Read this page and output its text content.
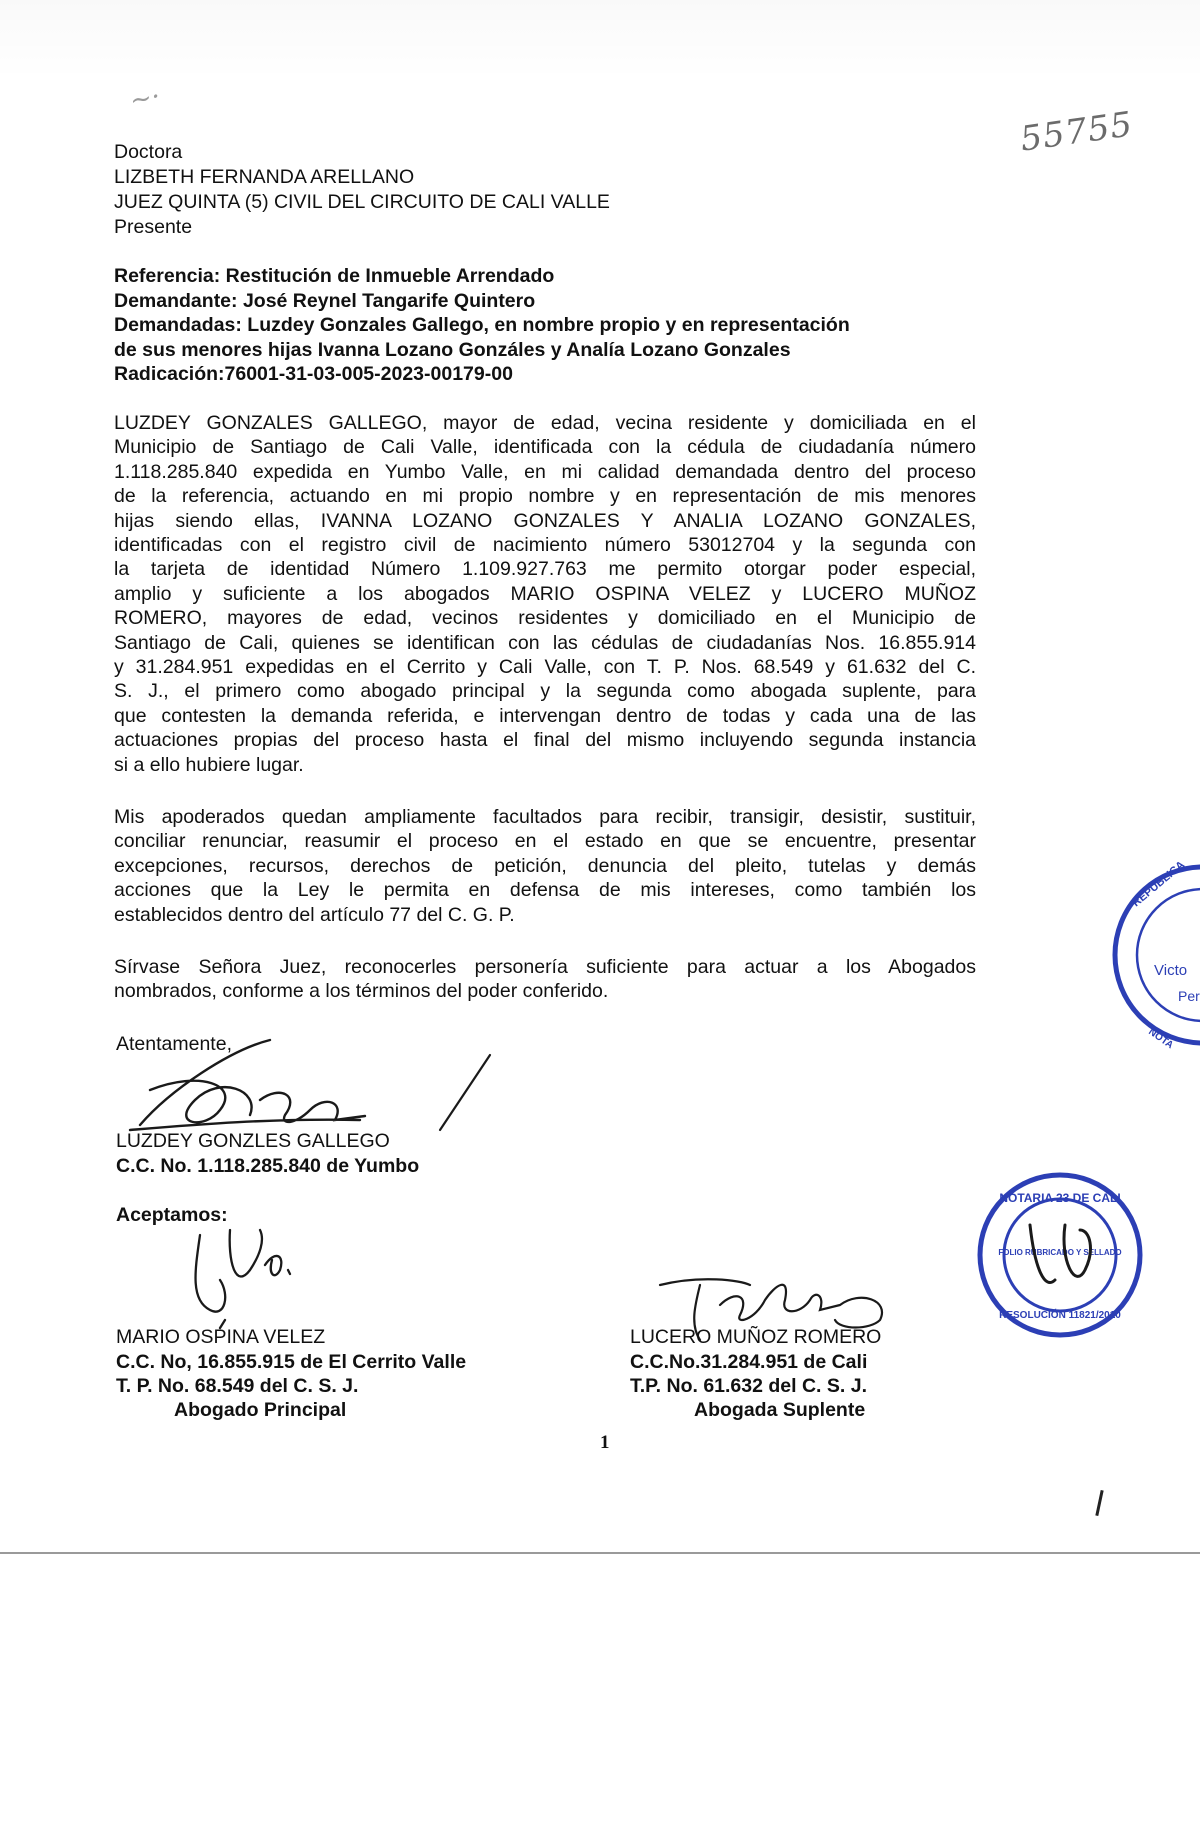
~·
55755
Doctora
LIZBETH FERNANDA ARELLANO
JUEZ QUINTA (5) CIVIL DEL CIRCUITO DE CALI VALLE
Presente
Referencia: Restitución de Inmueble Arrendado
Demandante: José Reynel Tangarife Quintero
Demandadas: Luzdey Gonzales Gallego, en nombre propio y en representación
de sus menores hijas Ivanna Lozano Gonzáles y Analía Lozano Gonzales
Radicación:76001-31-03-005-2023-00179-00
LUZDEY GONZALES GALLEGO, mayor de edad, vecina residente y domiciliada en el
Municipio de Santiago de Cali Valle, identificada con la cédula de ciudadanía número
1.118.285.840 expedida en Yumbo Valle, en mi calidad demandada dentro del proceso
de la referencia, actuando en mi propio nombre y en representación de mis menores
hijas siendo ellas, IVANNA LOZANO GONZALES Y ANALIA LOZANO GONZALES,
identificadas con el registro civil de nacimiento número 53012704 y la segunda con
la tarjeta de identidad Número 1.109.927.763 me permito otorgar poder especial,
amplio y suficiente a los abogados MARIO OSPINA VELEZ y LUCERO MUÑOZ
ROMERO, mayores de edad, vecinos residentes y domiciliado en el Municipio de
Santiago de Cali, quienes se identifican con las cédulas de ciudadanías Nos. 16.855.914
y 31.284.951 expedidas en el Cerrito y Cali Valle, con T. P. Nos. 68.549 y 61.632 del C.
S. J., el primero como abogado principal y la segunda como abogada suplente, para
que contesten la demanda referida, e intervengan dentro de todas y cada una de las
actuaciones propias del proceso hasta el final del mismo incluyendo segunda instancia
si a ello hubiere lugar.
Mis apoderados quedan ampliamente facultados para recibir, transigir, desistir, sustituir,
conciliar renunciar, reasumir el proceso en el estado en que se encuentre, presentar
excepciones, recursos, derechos de petición, denuncia del pleito, tutelas y demás
acciones que la Ley le permita en defensa de mis intereses, como también los
establecidos dentro del artículo 77 del C. G. P.
Sírvase Señora Juez, reconocerles personería suficiente para actuar a los Abogados
nombrados, conforme a los términos del poder conferido.
Atentamente,
LUZDEY GONZLES GALLEGO
C.C. No. 1.118.285.840 de Yumbo
Aceptamos:
MARIO OSPINA VELEZ
C.C. No, 16.855.915 de El Cerrito Valle
T. P. No. 68.549 del C. S. J.
Abogado Principal
LUCERO MUÑOZ ROMERO
C.C.No.31.284.951 de Cali
T.P. No. 61.632 del C. S. J.
Abogada Suplente
NOTARIA 23 DE CALI
FOLIO RUBRICADO Y SELLADO
RESOLUCIÓN 11821/2010
REPÚBLICA
Victo
Per
NOTA
1
